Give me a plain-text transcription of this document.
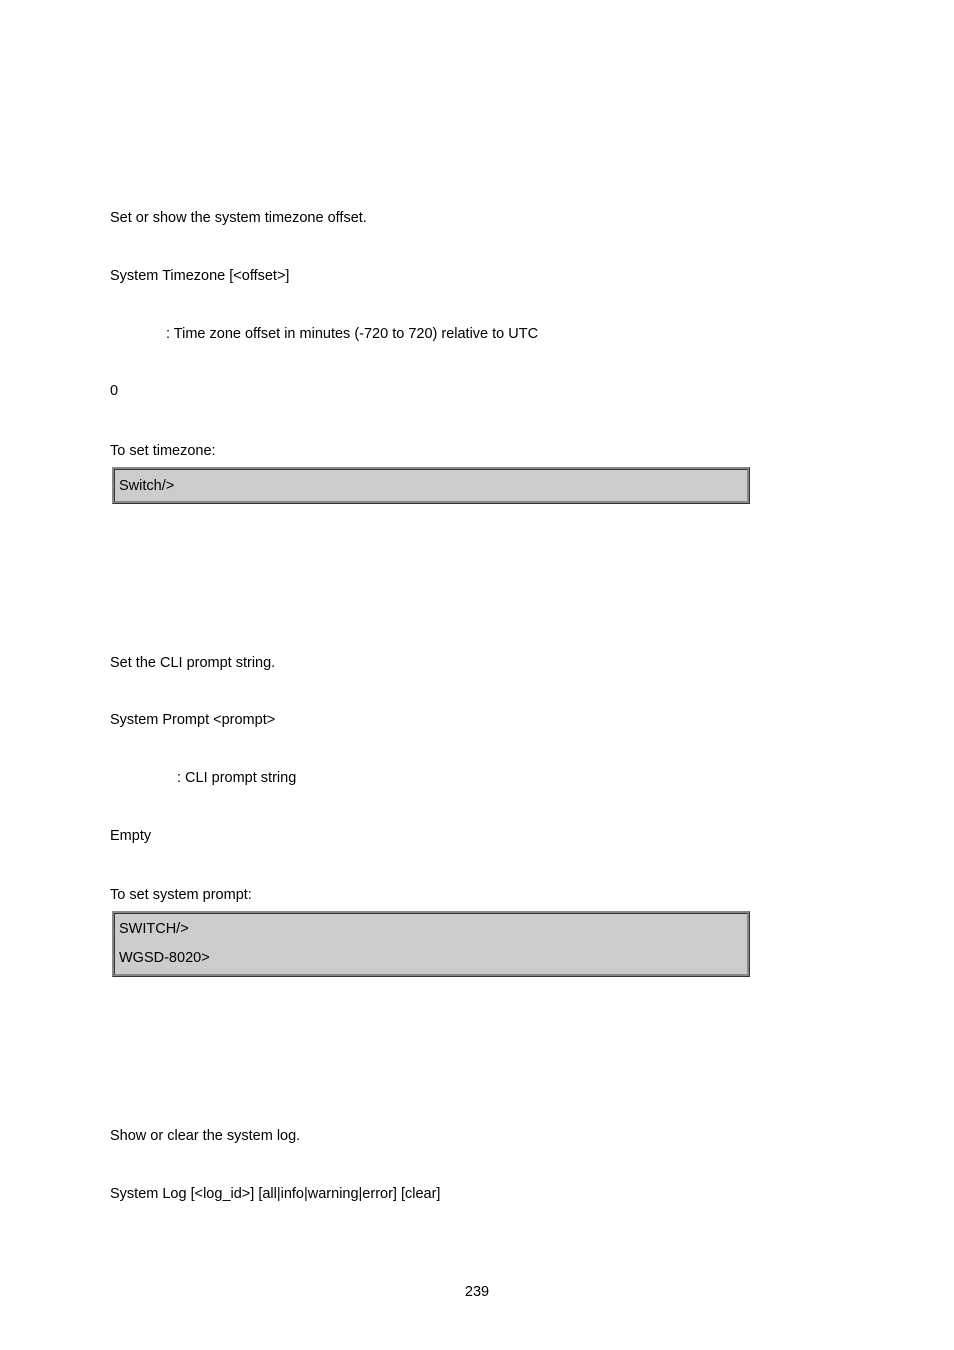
Set or show the system timezone offset.
System Timezone [<offset>]
: Time zone offset in minutes (-720 to 720) relative to UTC
0
To set timezone:
Switch/>
Set the CLI prompt string.
System Prompt <prompt>
: CLI prompt string
Empty
To set system prompt:
SWITCH/>
WGSD-8020>
Show or clear the system log.
System Log [<log_id>] [all|info|warning|error] [clear]
239
